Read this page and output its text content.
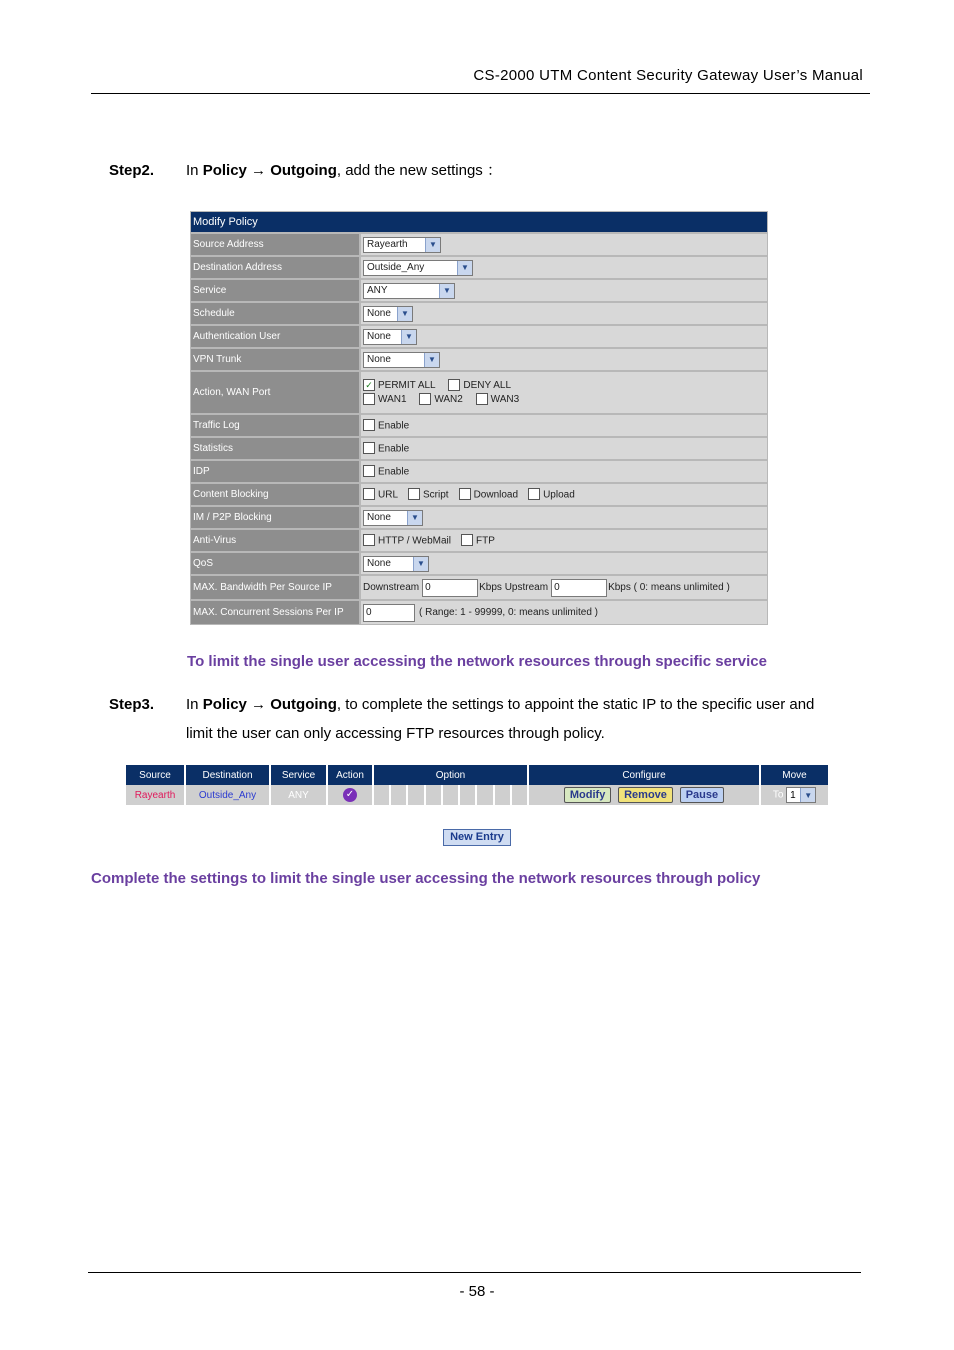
CS-2000 UTM Content Security Gateway User’s Manual
Step2. In Policy → Outgoing, add the new settings ：
Modify Policy
Source Address	Rayearth	▼
Destination Address	Outside_Any	▼
Service	ANY	▼
Schedule	None	▼
Authentication User	None	▼
VPN Trunk	None	▼
Action, WAN Port
✓ PERMIT ALL	DENY ALL
WAN1	WAN2	WAN3
Traffic Log	Enable
Statistics	Enable
IDP	Enable
Content Blocking	URL	Script	Download	Upload
IM / P2P Blocking	None	▼
Anti-Virus	HTTP / WebMail	FTP
QoS	None	▼
MAX. Bandwidth Per Source IP	Downstream 0	Kbps Upstream 0	Kbps ( 0: means unlimited )
MAX. Concurrent Sessions Per IP	0	( Range: 1 - 99999, 0: means unlimited )
To limit the single user accessing the network resources through specific service
Step3. In Policy → Outgoing, to complete the settings to appoint the static IP to the specific user and
limit the user can only accessing FTP resources through policy.
Source	Destination	Service	Action	Option	Configure	Move
Rayearth	Outside_Any	ANY	✓		Modify Remove Pause	To 1 ▼
New Entry
Complete the settings to limit the single user accessing the network resources through policy
- 58 -
